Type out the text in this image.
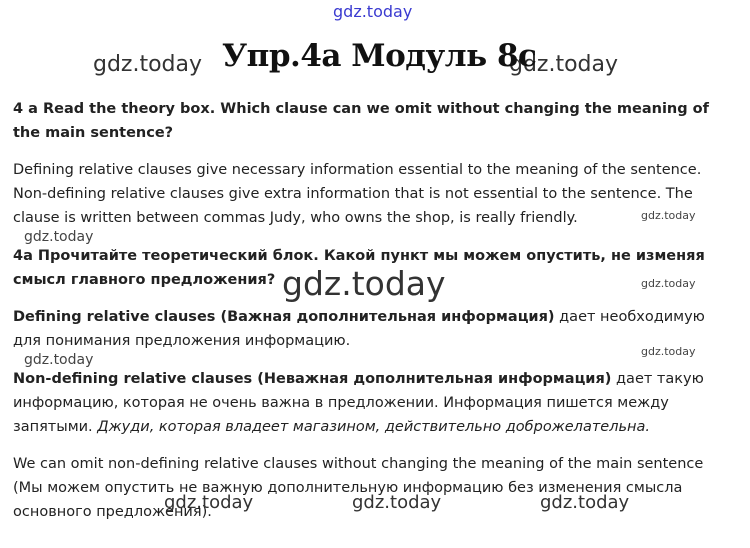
gdz.today
gdz.today	gdz.today
Упр.4а Модуль 8с

4 a Read the theory box. Which clause can we omit without changing the meaning of the main sentence?

Defining relative clauses give necessary information essential to the meaning of the sentence. Non-defining relative clauses give extra information that is not essential to the sentence. The clause is written between commas Judy, who owns the shop, is really friendly.	gdz.today
gdz.today

4a Прочитайте теоретический блок. Какой пункт мы можем опустить, не изменяя смысл главного предложения? gdz.today	gdz.today

Defining relative clauses (Важная дополнительная информация) дает необходимую для понимания предложения информацию.

gdz.today
gdz.today

Non-defining relative clauses (Неважная дополнительная информация) дает такую информацию, которая не очень важна в предложении. Информация пишется между запятыми. Джуди, которая владеет магазином, действительно доброжелательна.

We can omit non-defining relative clauses without changing the meaning of the main sentence (Мы можем опустить не важную дополнительную информацию без изменения смысла основного предложения).

gdz.today	gdz.today	gdz.today
